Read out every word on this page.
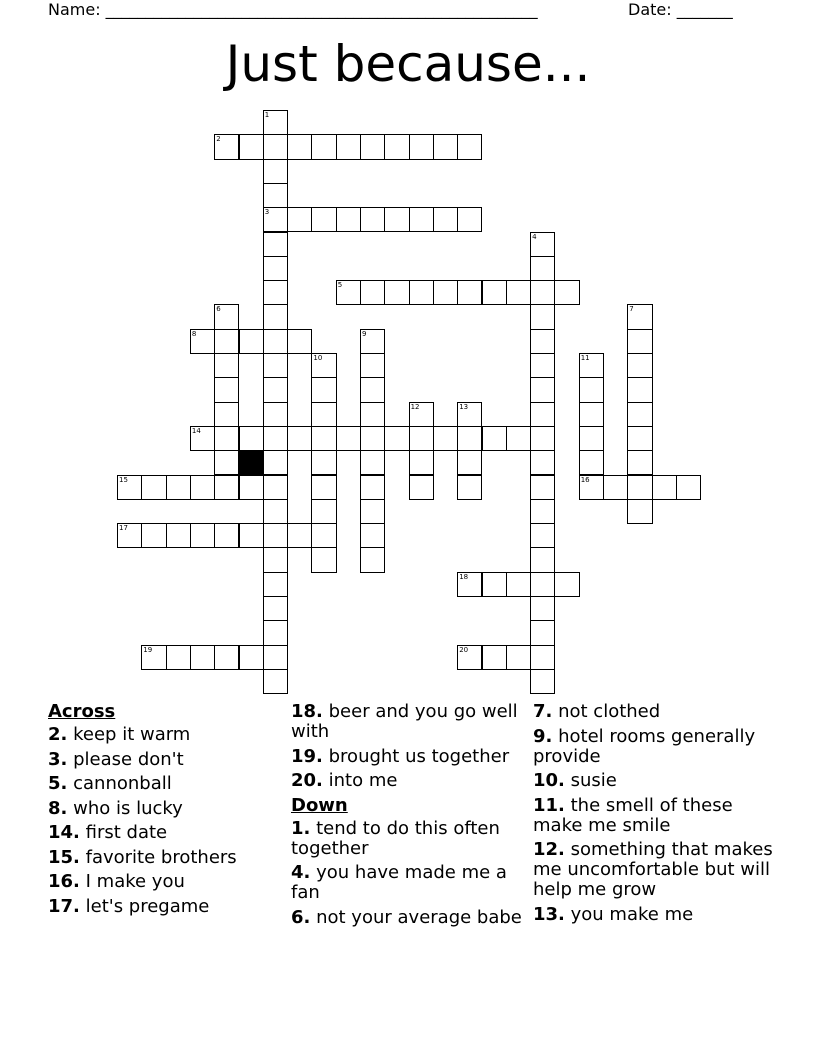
Name: ______________________________________________________	Date: _______
Just because...
1
3
2
4
5
6	7
8	9
10	11
16
12	13
14
15
17
18
19	20
Across
2. keep it warm
3. please don't
5. cannonball
8. who is lucky
14. first date
15. favorite brothers
16. I make you
17. let's pregame
18. beer and you go well with
19. brought us together
20. into me
Down
1. tend to do this often together
4. you have made me a fan
6. not your average babe
7. not clothed
9. hotel rooms generally provide
10. susie
11. the smell of these make me smile
12. something that makes me uncomfortable but will help me grow
13. you make me
